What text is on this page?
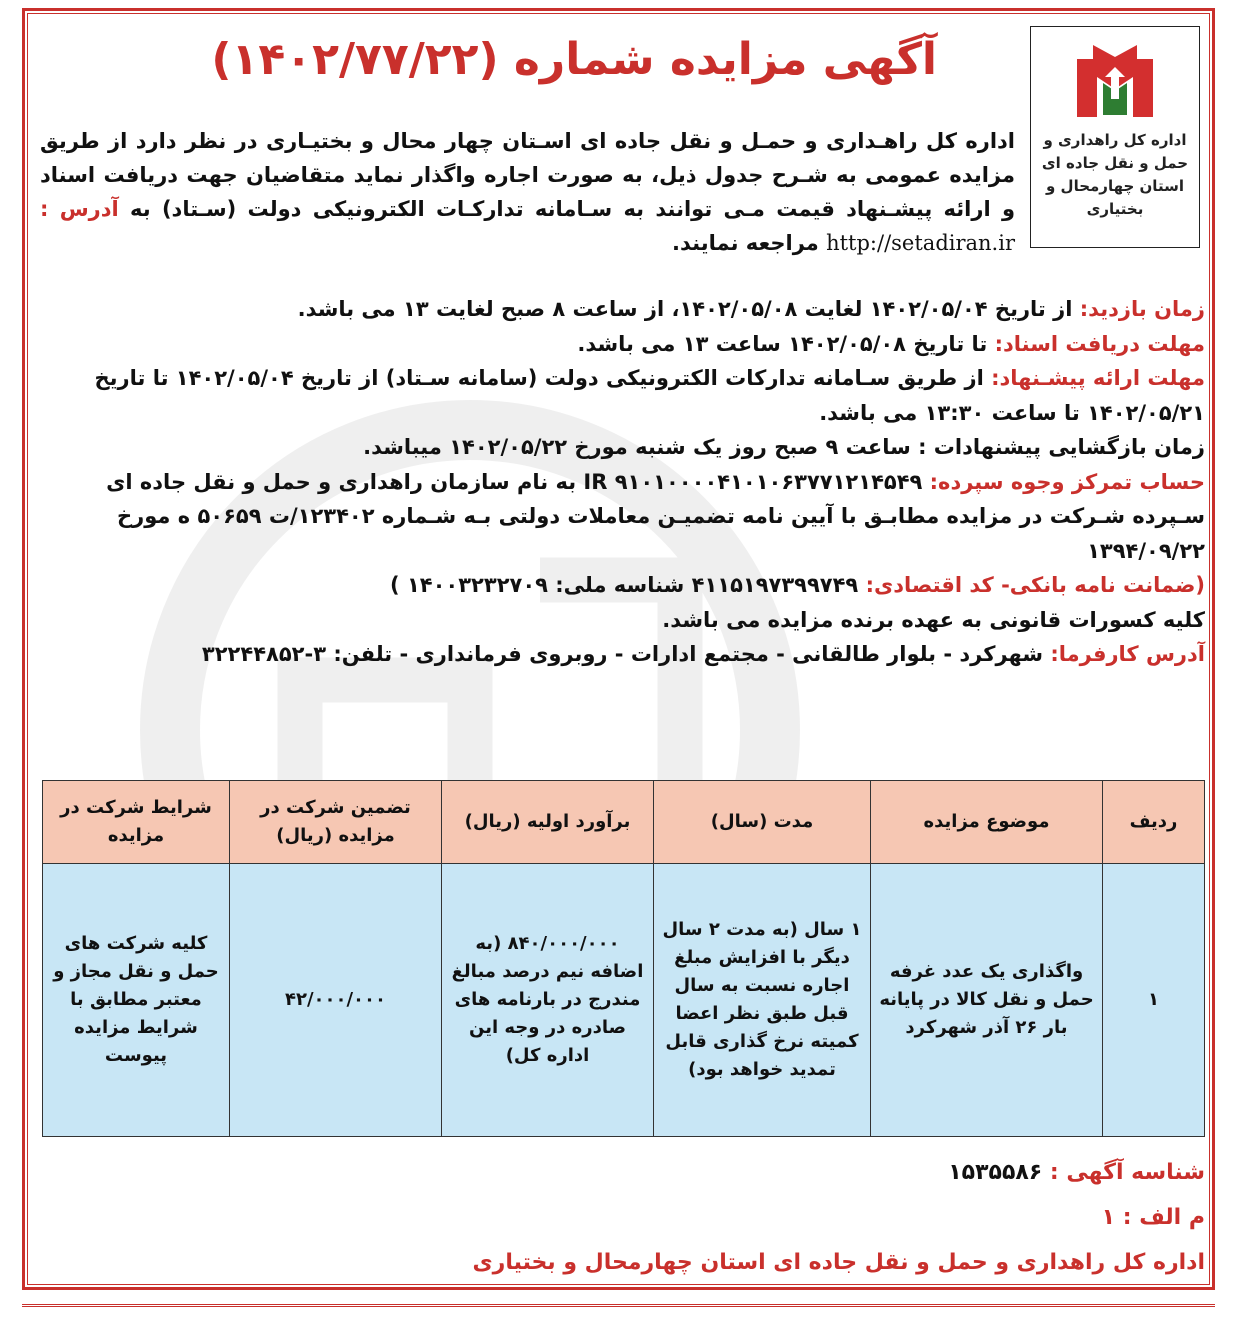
اداره کل راهداری و حمل و نقل جاده ای استان چهارمحال و بختیاری
آگهی مزایده شماره (۱۴۰۲/۷۷/۲۲)
اداره کل راهـداری و حمـل و نقل جاده ای اسـتان چهار محال و بختیـاری در نظر دارد از طریق مزایده عمومی به شـرح جدول ذیل، به صورت اجاره واگذار نماید متقاضیان جهت دریافت اسناد و ارائه پیشـنهاد قیمت مـی توانند به سـامانه تدارکـات الکترونیکی دولت (سـتاد) به آدرس : http://setadiran.ir مراجعه نمایند.

زمان بازدید: از تاریخ ۱۴۰۲/۰۵/۰۴ لغایت ۱۴۰۲/۰۵/۰۸، از ساعت ۸ صبح لغایت ۱۳ می باشد.

مهلت دریافت اسناد: تا تاریخ ۱۴۰۲/۰۵/۰۸ ساعت ۱۳ می باشد.

مهلت ارائه پیشـنهاد: از طریق سـامانه تدارکات الکترونیکی دولت (سامانه سـتاد) از تاریخ ۱۴۰۲/۰۵/۰۴ تا تاریخ ۱۴۰۲/۰۵/۲۱ تا ساعت ۱۳:۳۰ می باشد.

زمان بازگشایی پیشنهادات : ساعت ۹ صبح روز یک شنبه مورخ ۱۴۰۲/۰۵/۲۲ میباشد.

حساب تمرکز وجوه سپرده: IR ۹۱۰۱۰۰۰۰۴۱۰۱۰۶۳۷۷۱۲۱۴۵۴۹ به نام سازمان راهداری و حمل و نقل جاده ای سـپرده شـرکت در مزایده مطابـق با آیین نامه تضمیـن معاملات دولتی بـه شـماره ۱۲۳۴۰۲/ت ۵۰۶۵۹ ه مورخ ۱۳۹۴/۰۹/۲۲

(ضمانت نامه بانکی- کد اقتصادی: ۴۱۱۵۱۹۷۳۹۹۷۴۹ شناسه ملی: ۱۴۰۰۳۲۳۲۷۰۹ )

کلیه کسورات قانونی به عهده برنده مزایده می باشد.

آدرس کارفرما: شهرکرد - بلوار طالقانی - مجتمع ادارات - روبروی فرمانداری - تلفن: ۳-۳۲۲۴۴۸۵۲

ردیف	موضوع مزایده	مدت (سال)	برآورد اولیه (ریال)	تضمین شرکت در مزایده (ریال)	شرایط شرکت در مزایده
۱	واگذاری یک عدد غرفه حمل و نقل کالا در پایانه بار ۲۶ آذر شهرکرد	۱ سال (به مدت ۲ سال دیگر با افزایش مبلغ اجاره نسبت به سال قبل طبق نظر اعضا کمیته نرخ گذاری قابل تمدید خواهد بود)	۸۴۰/۰۰۰/۰۰۰ (به اضافه نیم درصد مبالغ مندرج در بارنامه های صادره در وجه این اداره کل)	۴۲/۰۰۰/۰۰۰	کلیه شرکت های حمل و نقل مجاز و معتبر مطابق با شرایط مزایده پیوست
شناسه آگهی : ۱۵۳۵۵۸۶
م الف : ۱
اداره کل راهداری و حمل و نقل جاده ای استان چهارمحال و بختیاری
